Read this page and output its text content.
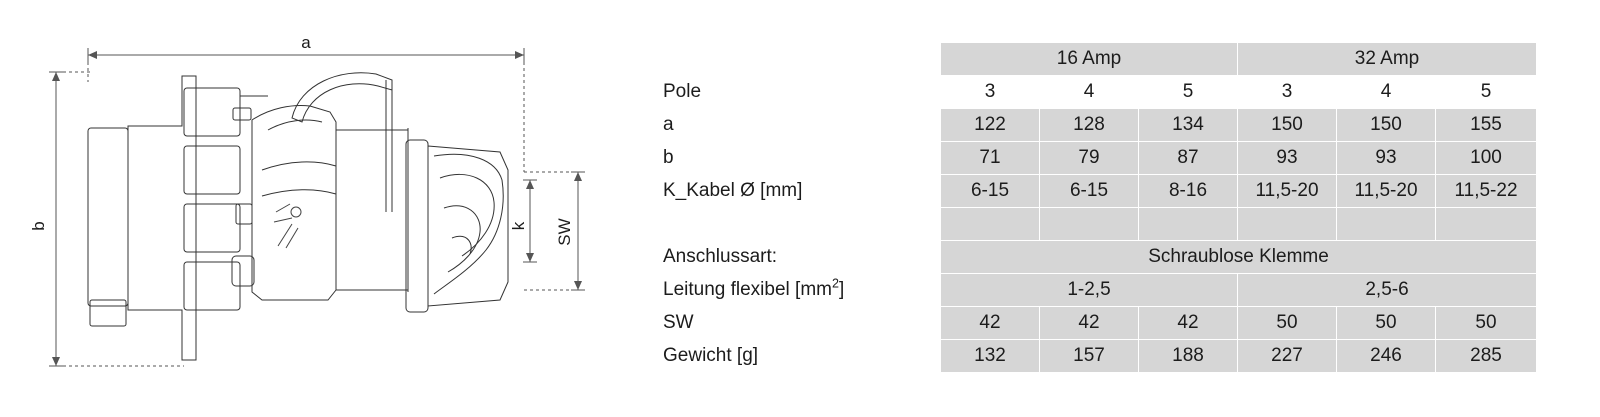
a
b	k SW
	16 Amp			32 Amp		
Pole	3	4	5	3	4	5
a	122	128	134	150	150	155
b	71	79	87	93	93	100
K_Kabel Ø [mm]	6-15	6-15	8-16	11,5-20	11,5-20	11,5-22

Anschlussart:	Schraublose Klemme					
Leitung flexibel $[mm^2]$	1-2,5			2,5-6		
SW	42	42	42	50	50	50
Gewicht [g]	132	157	188	227	246	285
